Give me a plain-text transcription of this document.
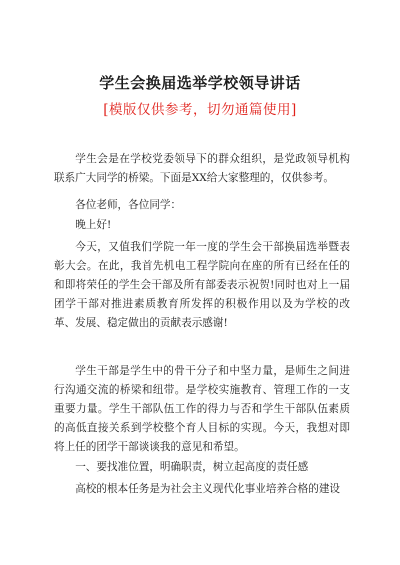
学生会换届选举学校领导讲话
[模版仅供参考，切勿通篇使用]

学生会是在学校党委领导下的群众组织，是党政领导机构联系广大同学的桥梁。下面是XX给大家整理的，仅供参考。

各位老师，各位同学：

晚上好!

今天，又值我们学院一年一度的学生会干部换届选举暨表彰大会。在此，我首先机电工程学院向在座的所有已经在任的和即将荣任的学生会干部及所有部委表示祝贺!同时也对上一届团学干部对推进素质教育所发挥的积极作用以及为学校的改革、发展、稳定做出的贡献表示感谢!

学生干部是学生中的骨干分子和中坚力量，是师生之间进行沟通交流的桥梁和纽带。是学校实施教育、管理工作的一支重要力量。学生干部队伍工作的得力与否和学生干部队伍素质的高低直接关系到学校整个育人目标的实现。今天，我想对即将上任的团学干部谈谈我的意见和希望。

一、要找准位置，明确职责，树立起高度的责任感

高校的根本任务是为社会主义现代化事业培养合格的建设
